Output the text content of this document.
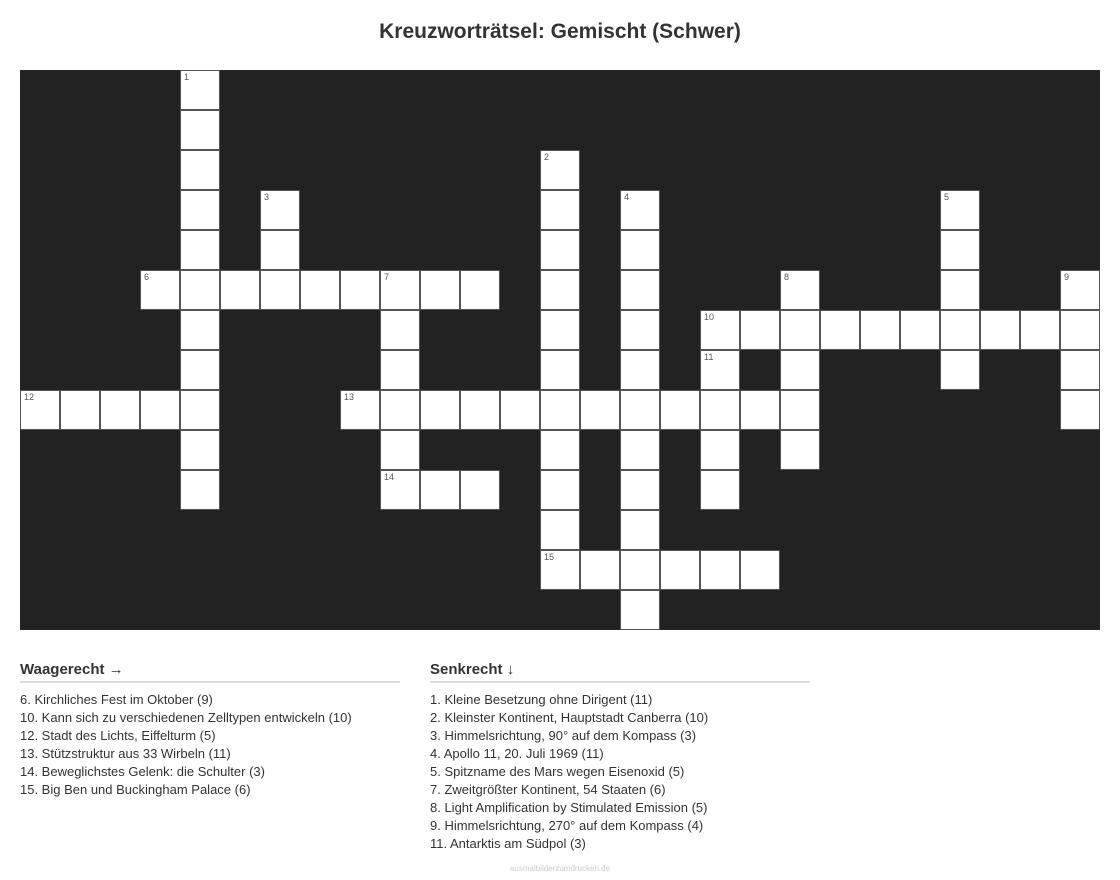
Kreuzworträtsel: Gemischt (Schwer)
1
2
3	4	5
6	7
14
8	9
10
11
12	13
15
Waagerecht →
6. Kirchliches Fest im Oktober (9)
10. Kann sich zu verschiedenen Zelltypen entwickeln (10)
12. Stadt des Lichts, Eiffelturm (5)
13. Stützstruktur aus 33 Wirbeln (11)
14. Beweglichstes Gelenk: die Schulter (3)
15. Big Ben und Buckingham Palace (6)
Senkrecht ↓
1. Kleine Besetzung ohne Dirigent (11)
2. Kleinster Kontinent, Hauptstadt Canberra (10)
3. Himmelsrichtung, 90° auf dem Kompass (3)
4. Apollo 11, 20. Juli 1969 (11)
5. Spitzname des Mars wegen Eisenoxid (5)
7. Zweitgrößter Kontinent, 54 Staaten (6)
8. Light Amplification by Stimulated Emission (5)
9. Himmelsrichtung, 270° auf dem Kompass (4)
11. Antarktis am Südpol (3)
ausmalbilderzumdrucken.de
